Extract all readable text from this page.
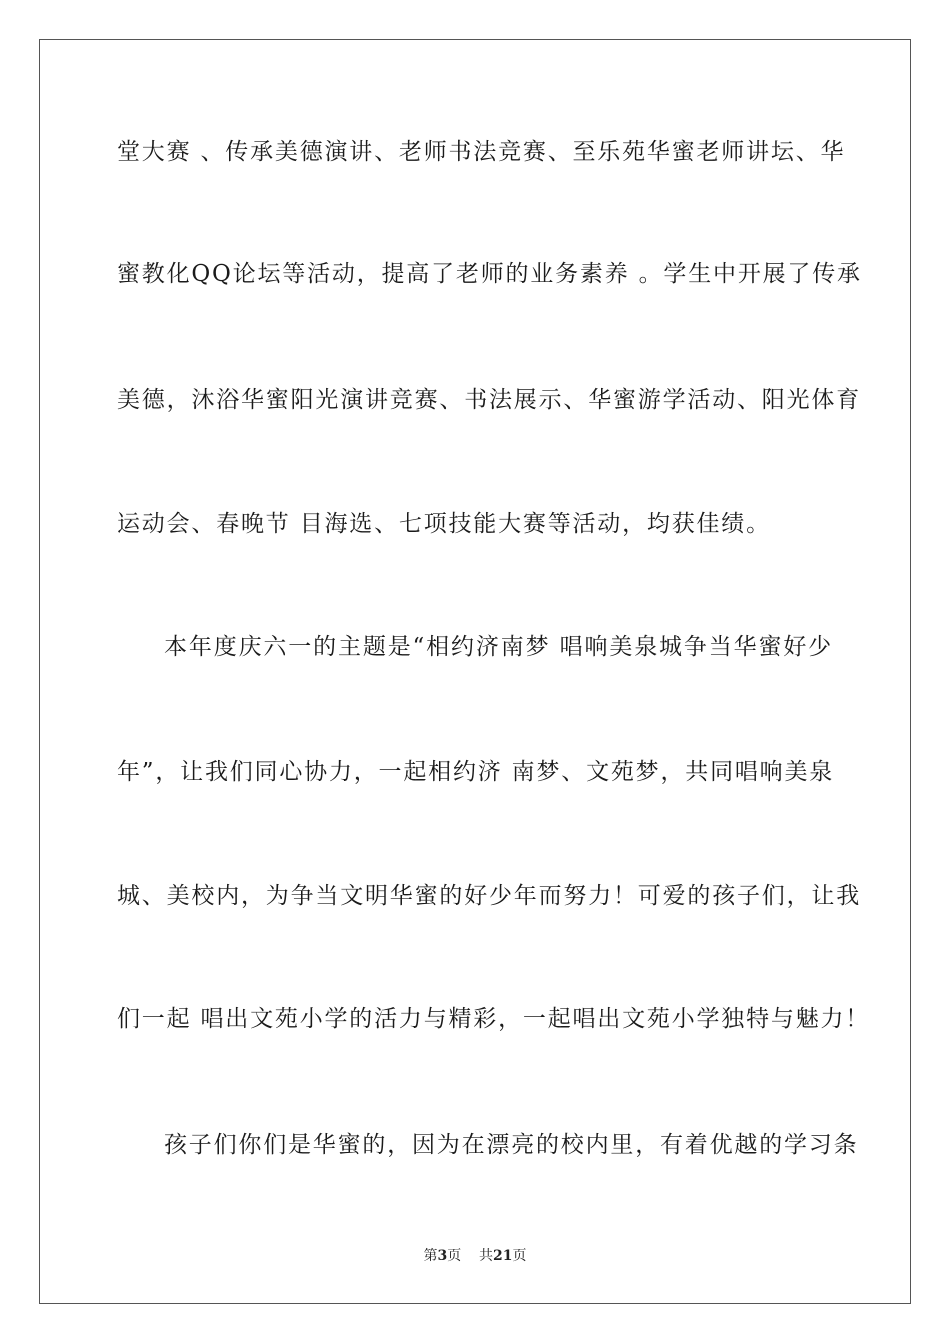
堂大赛 、传承美德演讲、老师书法竞赛、至乐苑华蜜老师讲坛、华
蜜教化QQ论坛等活动，提高了老师的业务素养 。学生中开展了传承
美德，沐浴华蜜阳光演讲竞赛、书法展示、华蜜游学活动、阳光体育
运动会、春晚节 目海选、七项技能大赛等活动，均获佳绩。
本年度庆六一的主题是“相约济南梦 唱响美泉城争当华蜜好少
年”，让我们同心协力，一起相约济 南梦、文苑梦，共同唱响美泉
城、美校内，为争当文明华蜜的好少年而努力！可爱的孩子们，让我
们一起 唱出文苑小学的活力与精彩，一起唱出文苑小学独特与魅力！
孩子们你们是华蜜的，因为在漂亮的校内里，有着优越的学习条
第3页 共21页
